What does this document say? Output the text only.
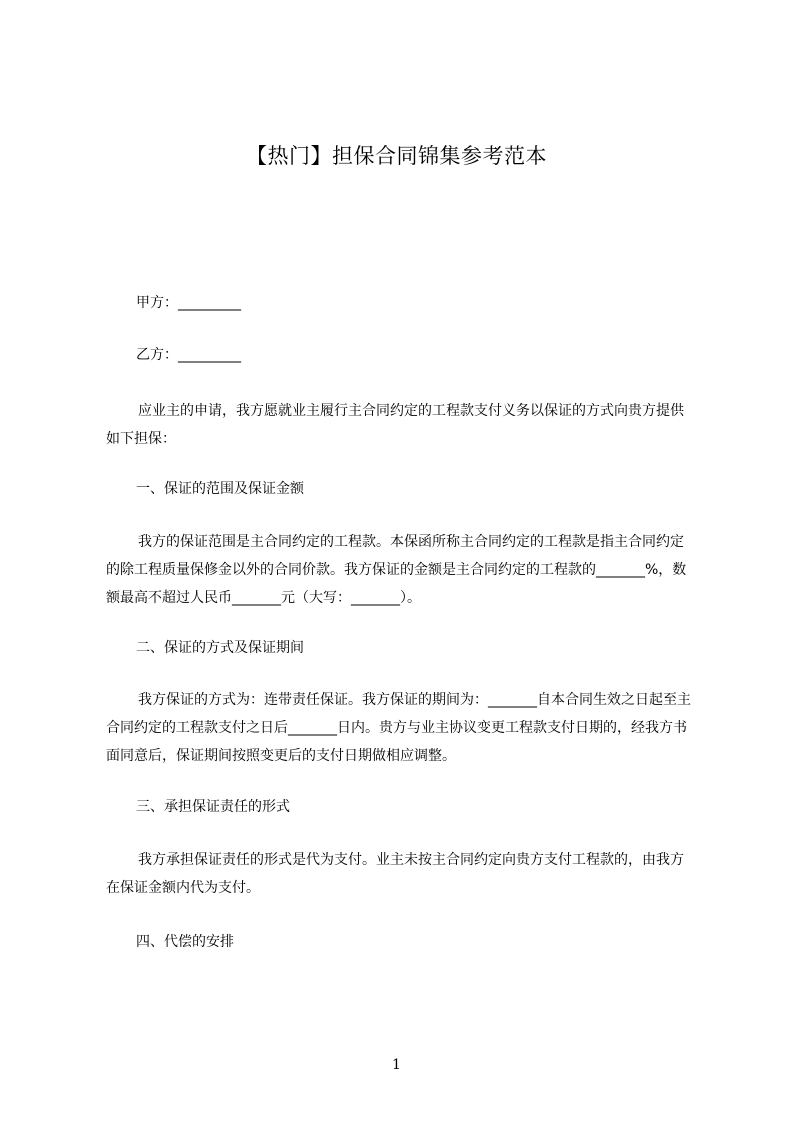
【热门】担保合同锦集参考范本
甲方：_________
乙方：_________
应业主的申请，我方愿就业主履行主合同约定的工程款支付义务以保证的方式向贵方提供如下担保：
一、保证的范围及保证金额
我方的保证范围是主合同约定的工程款。本保函所称主合同约定的工程款是指主合同约定的除工程质量保修金以外的合同价款。我方保证的金额是主合同约定的工程款的_______%，数额最高不超过人民币_______元（大写：_______）。
二、保证的方式及保证期间
我方保证的方式为：连带责任保证。我方保证的期间为：_______自本合同生效之日起至主合同约定的工程款支付之日后_______日内。贵方与业主协议变更工程款支付日期的，经我方书面同意后，保证期间按照变更后的支付日期做相应调整。
三、承担保证责任的形式
我方承担保证责任的形式是代为支付。业主未按主合同约定向贵方支付工程款的，由我方在保证金额内代为支付。
四、代偿的安排
1
